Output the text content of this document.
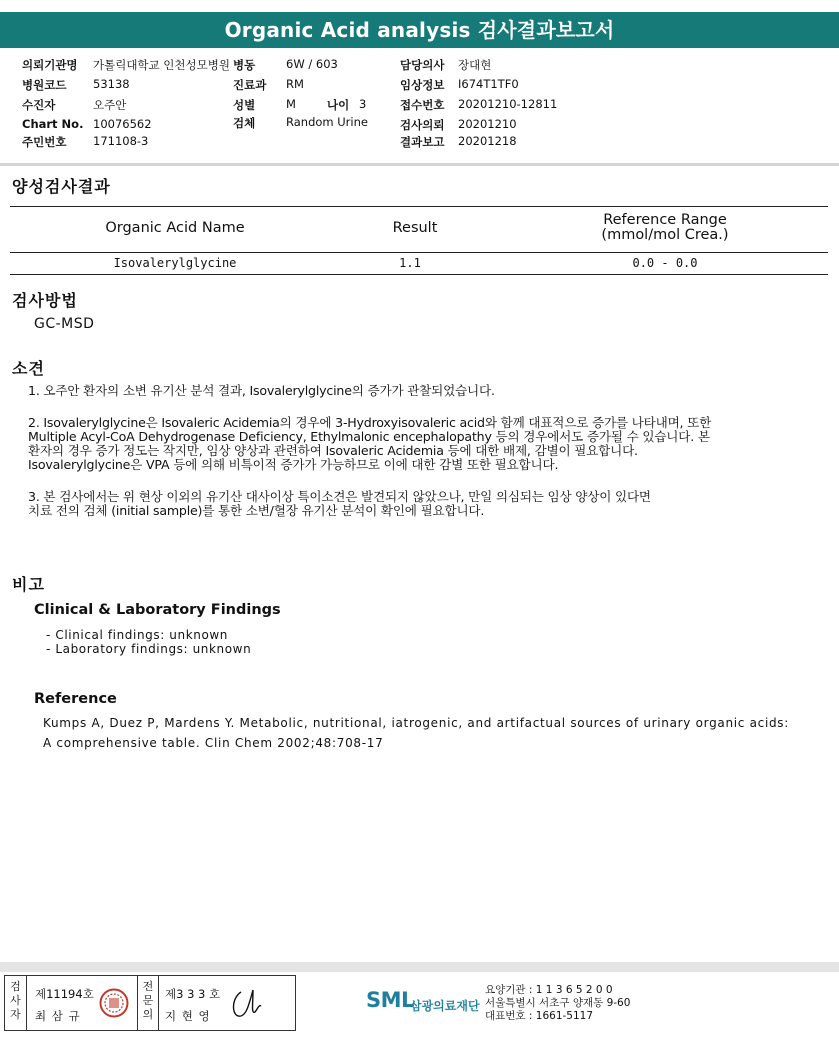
Organic Acid analysis 검사결과보고서
의뢰기관명 가톨릭대학교 인천성모병원 병동	6W / 603	담당의사 장대현
병원코드 53138	진료과 RM	임상정보 I674T1TF0
수진자	오주안	성별	M	나이 3	접수번호 20201210-12811
Chart No. 10076562	검체	Random Urine	검사의뢰 20201210
주민번호 171108-3	결과보고 20201218
양성검사결과
Organic Acid Name	Result	Reference Range
(mmol/mol Crea.)
Isovalerylglycine	1.1	0.0 - 0.0
검사방법
GC-MSD
소견
1. 오주안 환자의 소변 유기산 분석 결과, Isovalerylglycine의 증가가 관찰되었습니다.
2. Isovalerylglycine은 Isovaleric Acidemia의 경우에 3-Hydroxyisovaleric acid와 함께 대표적으로 증가를 나타내며, 또한
Multiple Acyl-CoA Dehydrogenase Deficiency, Ethylmalonic encephalopathy 등의 경우에서도 증가될 수 있습니다. 본
환자의 경우 증가 정도는 작지만, 임상 양상과 관련하여 Isovaleric Acidemia 등에 대한 배제, 감별이 필요합니다.
Isovalerylglycine은 VPA 등에 의해 비특이적 증가가 가능하므로 이에 대한 감별 또한 필요합니다.
3. 본 검사에서는 위 현상 이외의 유기산 대사이상 특이소견은 발견되지 않았으나, 만일 의심되는 임상 양상이 있다면
치료 전의 검체 (initial sample)를 통한 소변/혈장 유기산 분석이 확인에 필요합니다.
비고
Clinical & Laboratory Findings
- Clinical findings: unknown
- Laboratory findings: unknown
Reference
Kumps A, Duez P, Mardens Y. Metabolic, nutritional, iatrogenic, and artifactual sources of urinary organic acids:
A comprehensive table. Clin Chem 2002;48:708-17
검
사
자
제11194호
최 삼 규
전
문
의
제3 3 3 호
지 현 영
SML
삼광의료재단
요양기관 : 1 1 3 6 5 2 0 0
서울특별시 서초구 양재동 9-60
대표번호 : 1661-5117
